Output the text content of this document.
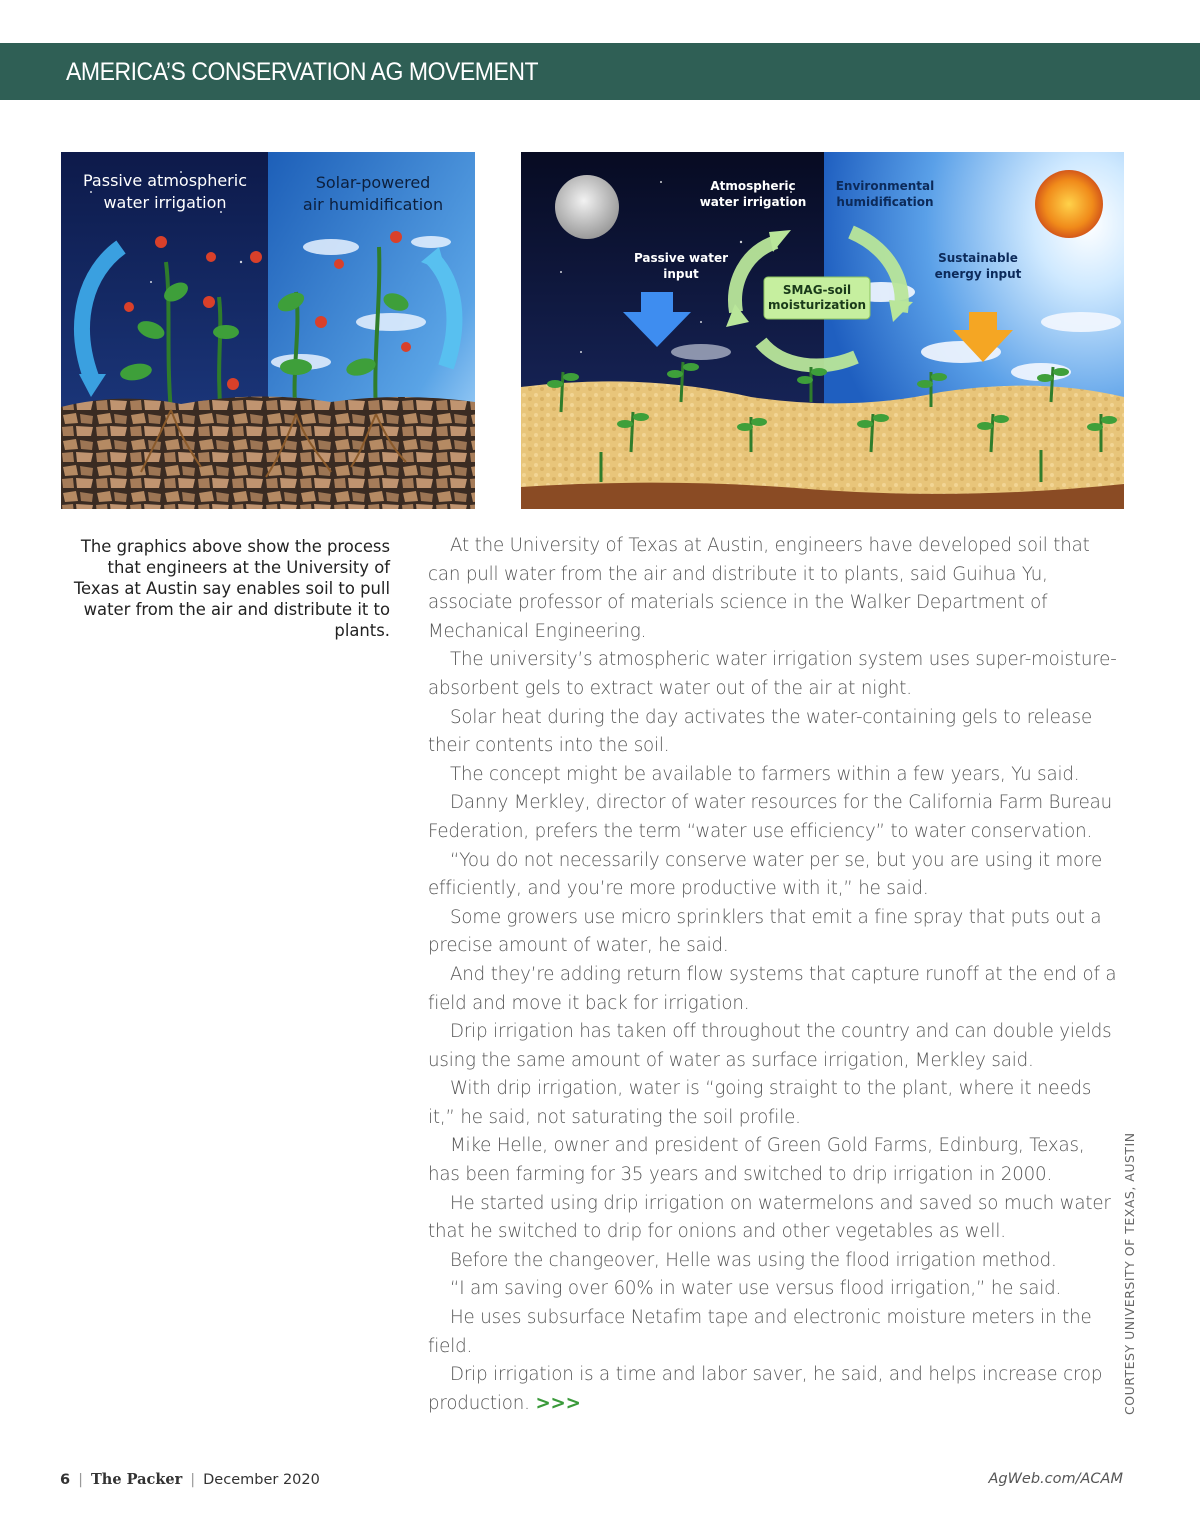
AMERICA’S CONSERVATION AG MOVEMENT
Passive atmospheric
water irrigation
Solar-powered
air humidification
Atmospheric
water irrigation
Environmental
humidification
Passive water
input
Sustainable
energy input
SMAG-soil
moisturization
The graphics above show the process that engineers at the University of Texas at Austin say enables soil to pull water from the air and distribute it to plants.

At the University of Texas at Austin, engineers have developed soil that can pull water from the air and distribute it to plants, said Guihua Yu, associate professor of materials science in the Walker Department of Mechanical Engineering.

The university’s atmospheric water irrigation system uses super-moisture-absorbent gels to extract water out of the air at night.

Solar heat during the day activates the water-containing gels to release their contents into the soil.

The concept might be available to farmers within a few years, Yu said.

Danny Merkley, director of water resources for the California Farm Bureau Federation, prefers the term “water use efficiency” to water conservation.

“You do not necessarily conserve water per se, but you are using it more efficiently, and you’re more productive with it,” he said.

Some growers use micro sprinklers that emit a fine spray that puts out a precise amount of water, he said.

And they’re adding return flow systems that capture runoff at the end of a field and move it back for irrigation.

Drip irrigation has taken off throughout the country and can double yields using the same amount of water as surface irrigation, Merkley said.

With drip irrigation, water is “going straight to the plant, where it needs it,” he said, not saturating the soil profile.

Mike Helle, owner and president of Green Gold Farms, Edinburg, Texas, has been farming for 35 years and switched to drip irrigation in 2000.

He started using drip irrigation on watermelons and saved so much water that he switched to drip for onions and other vegetables as well.

Before the changeover, Helle was using the flood irrigation method.

“I am saving over 60% in water use versus flood irrigation,” he said.

He uses subsurface Netafim tape and electronic moisture meters in the field.

Drip irrigation is a time and labor saver, he said, and helps increase crop production. >>>	COURTESY UNIVERSITY OF TEXAS, AUSTIN
6 | The Packer | December 2020	AgWeb.com/ACAM
